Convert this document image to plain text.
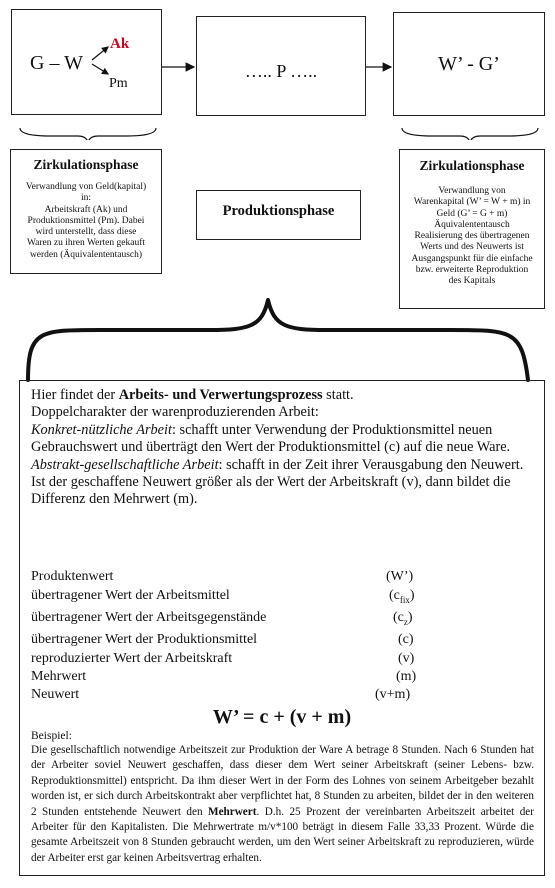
G – W
Ak
Pm
….. P …..	W’ - G’
Zirkulationsphase
Verwandlung von Geld(kapital)
in:
Arbeitskraft (Ak) und
Produktionsmittel (Pm). Dabei
wird unterstellt, dass diese
Waren zu ihren Werten gekauft
werden (Äquivalententausch)
Produktionsphase
Zirkulationsphase
Verwandlung von
Warenkapital (W’ = W + m) in
Geld (G’ = G + m)
Äquivalententausch
Realisierung des übertragenen
Werts und des Neuwerts ist
Ausgangspunkt für die einfache
bzw. erweiterte Reproduktion
des Kapitals
Hier findet der Arbeits- und Verwertungsprozess statt.
Doppelcharakter der warenproduzierenden Arbeit:
Konkret-nützliche Arbeit: schafft unter Verwendung der Produktionsmittel neuen Gebrauchswert und überträgt den Wert der Produktionsmittel (c) auf die neue Ware.
Abstrakt-gesellschaftliche Arbeit: schafft in der Zeit ihrer Verausgabung den Neuwert. Ist der geschaffene Neuwert größer als der Wert der Arbeitskraft (v), dann bildet die Differenz den Mehrwert (m).
Produktenwert	(W’)
übertragener Wert der Arbeitsmittel	$(c_{fix})$
übertragener Wert der Arbeitsgegenstände	$(c_z)$
übertragener Wert der Produktionsmittel	(c)
reproduzierter Wert der Arbeitskraft	(v)
Mehrwert	(m)
Neuwert	(v+m)
W’ = c + (v + m)
Beispiel:
Die gesellschaftlich notwendige Arbeitszeit zur Produktion der Ware A betrage 8 Stunden. Nach 6 Stunden hat der Arbeiter soviel Neuwert geschaffen, dass dieser dem Wert seiner Arbeitskraft (seiner Lebens- bzw. Reproduktionsmittel) entspricht. Da ihm dieser Wert in der Form des Lohnes von seinem Arbeitgeber bezahlt worden ist, er sich durch Arbeitskontrakt aber verpflichtet hat, 8 Stunden zu arbeiten, bildet der in den weiteren 2 Stunden entstehende Neuwert den Mehrwert. D.h. 25 Prozent der vereinbarten Arbeitszeit arbeitet der Arbeiter für den Kapitalisten. Die Mehrwertrate m/v*100 beträgt in diesem Falle 33,33 Prozent. Würde die gesamte Arbeitszeit von 8 Stunden gebraucht werden, um den Wert seiner Arbeitskraft zu reproduzieren, würde der Arbeiter erst gar keinen Arbeitsvertrag erhalten.
